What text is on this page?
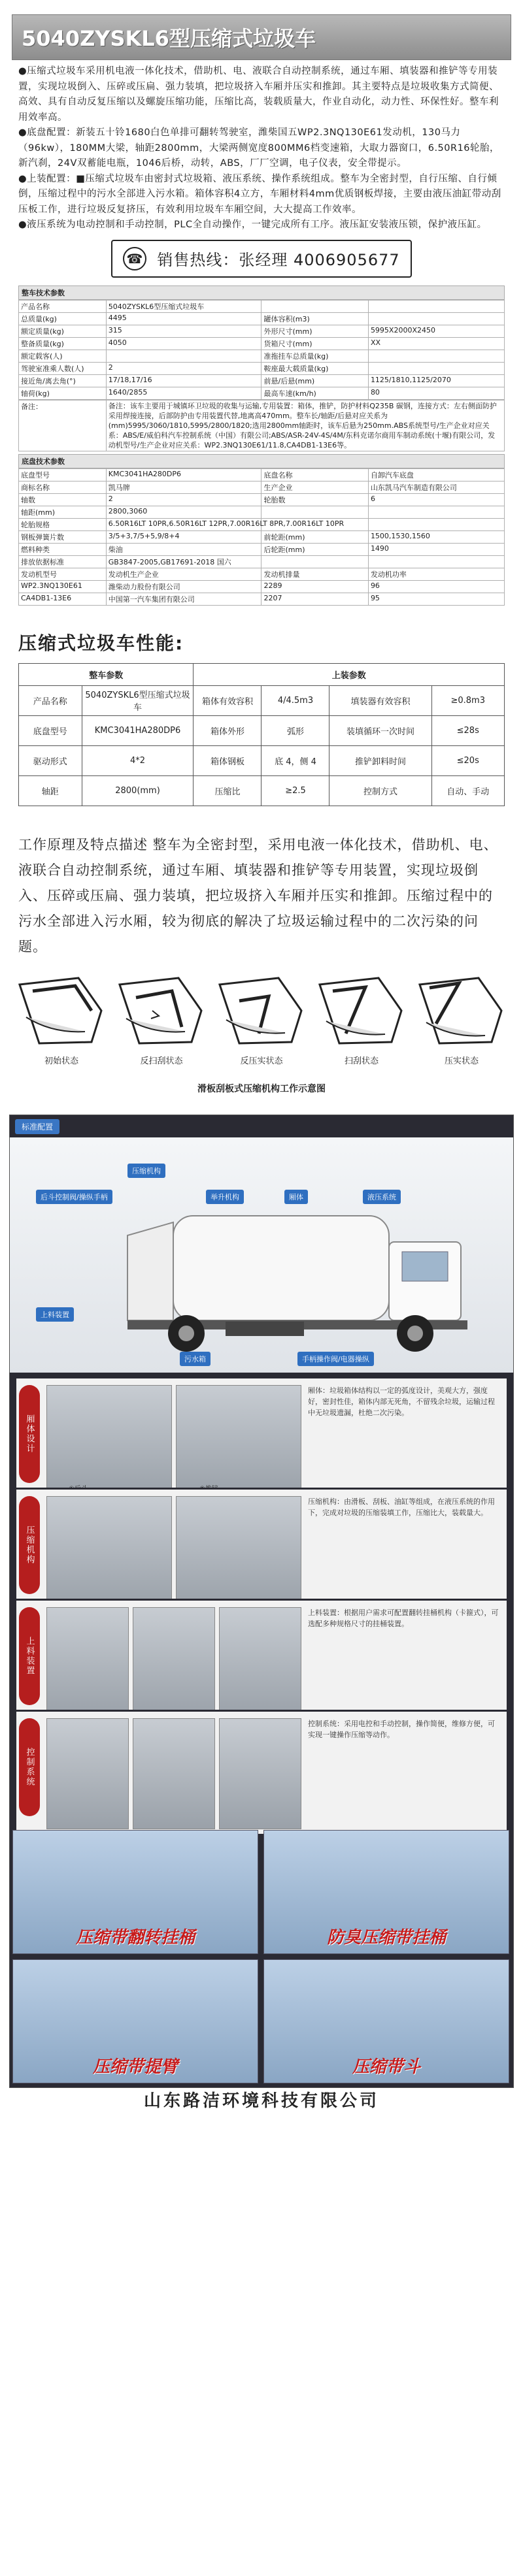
5040ZYSKL6型压缩式垃圾车

●压缩式垃圾车采用机电液一体化技术，借助机、电、液联合自动控制系统，通过车厢、填装器和推铲等专用装置，实现垃圾倒入、压碎或压扁、强力装填，把垃圾挤入车厢并压实和推卸。其主要特点是垃圾收集方式简便、高效、具有自动反复压缩以及螺旋压缩功能，压缩比高，装载质量大，作业自动化，动力性、环保性好。整车利用效率高。

●底盘配置：新装五十铃1680白色单排可翻转驾驶室，潍柴国五WP2.3NQ130E61发动机，130马力（96kw），180MM大梁，轴距2800mm，大梁两侧宽度800MM6档变速箱，大取力器窗口，6.50R16轮胎，新汽刹，24V双蓄能电瓶，1046后桥，动转，ABS，厂厂空调，电子仪表，安全带提示。

●上装配置：■压缩式垃圾车由密封式垃圾箱、液压系统、操作系统组成。整车为全密封型，自行压缩、自行倾倒，压缩过程中的污水全部进入污水箱。箱体容积4立方，车厢材料4mm优质钢板焊接，主要由液压油缸带动刮压板工作，进行垃圾反复挤压，有效利用垃圾车车厢空间，大大提高工作效率。

●液压系统为电动控制和手动控制，PLC全自动操作，一键完成所有工序。液压缸安装液压锁，保护液压缸。

☎ 销售热线：张经理 4006905677
整车技术参数
产品名称	5040ZYSKL6型压缩式垃圾车		
总质量(kg)	4495	罐体容积(m3)	
额定质量(kg)	315	外形尺寸(mm)	5995X2000X2450
整备质量(kg)	4050	货箱尺寸(mm)	XX
额定载客(人)		准拖挂车总质量(kg)	
驾驶室准乘人数(人)	2	鞍座最大载质量(kg)	
接近角/离去角(°)	17/18,17/16	前悬/后悬(mm)	1125/1810,1125/2070
轴荷(kg)	1640/2855	最高车速(km/h)	80
备注：	备注：该车主要用于城镇环卫垃圾的收集与运输,专用装置：箱体，推铲，防护材料Q235B 碳钢，连接方式：左右侧面防护采用焊接连接，后部防护由专用装置代替,地离高470mm。整车长/轴距/后悬对应关系为(mm)5995/3060/1810,5995/2800/1820;选用2800mm轴距时，该车后悬为250mm.ABS系统型号/生产企业对应关系：ABS/E/威伯科汽车控制系统（中国）有限公司;ABS/ASR-24V-4S/4M/东科克诺尔商用车制动系统(十堰)有限公司，发动机型号/生产企业对应关系：WP2.3NQ130E61/11.8,CA4DB1-13E6等。
底盘技术参数
底盘型号	KMC3041HA280DP6	底盘名称	自卸汽车底盘
商标名称	凯马牌	生产企业	山东凯马汽车制造有限公司
轴数	2	轮胎数	6
轴距(mm)	2800,3060		
轮胎规格	6.50R16LT 10PR,6.50R16LT 12PR,7.00R16LT 8PR,7.00R16LT 10PR		
钢板弹簧片数	3/5+3,7/5+5,9/8+4	前轮距(mm)	1500,1530,1560
燃料种类	柴油	后轮距(mm)	1490
排放依据标准	GB3847-2005,GB17691-2018 国六		
发动机型号	发动机生产企业	发动机排量	发动机功率
WP2.3NQ130E61	潍柴动力股份有限公司	2289	96
CA4DB1-13E6	中国第一汽车集团有限公司	2207	95
压缩式垃圾车性能:
整车参数		上装参数			
产品名称	5040ZYSKL6型压缩式垃圾车	箱体有效容积	4/4.5m3	填装器有效容积	≥0.8m3
底盘型号	KMC3041HA280DP6	箱体外形	弧形	装填循环一次时间	≤28s
驱动形式	4*2	箱体钢板	底 4，侧 4	推铲卸料时间	≤20s
轴距	2800(mm)	压缩比	≥2.5	控制方式	自动、手动
工作原理及特点描述 整车为全密封型，采用电液一体化技术，借助机、电、液联合自动控制系统，通过车厢、填装器和推铲等专用装置，实现垃圾倒入、压碎或压扁、强力装填，把垃圾挤入车厢并压实和推卸。压缩过程中的污水全部进入污水厢，较为彻底的解决了垃圾运输过程中的二次污染的问题。
初始状态	反扫刮状态	反压实状态	扫刮状态	压实状态
滑板刮板式压缩机构工作示意图
标准配置
压缩机构
后斗控制阀/操纵手柄	举升机构	厢体	液压系统
上料装置
污水箱	手柄操作阀/电器操纵
厢体设计
厢体：垃圾箱体结构以一定的弧度设计，美观大方，强度好，密封性佳，箱体内部无死角，不留残余垃圾，运输过程中无垃圾遗漏，杜绝二次污染。
压缩机构
压缩机构：由滑板、刮板、油缸等组成，在液压系统的作用下，完成对垃圾的压缩装填工作，压缩比大，装载量大。
上料装置
上料装置：根据用户需求可配置翻转挂桶机构（卡箍式），可选配多种规格尺寸的挂桶装置。
控制系统
控制系统：采用电控和手动控制，操作简便，维修方便，可实现一键操作压缩等动作。
压缩带翻转挂桶	防臭压缩带挂桶
压缩带提臂	压缩带斗
山东路洁环境科技有限公司
